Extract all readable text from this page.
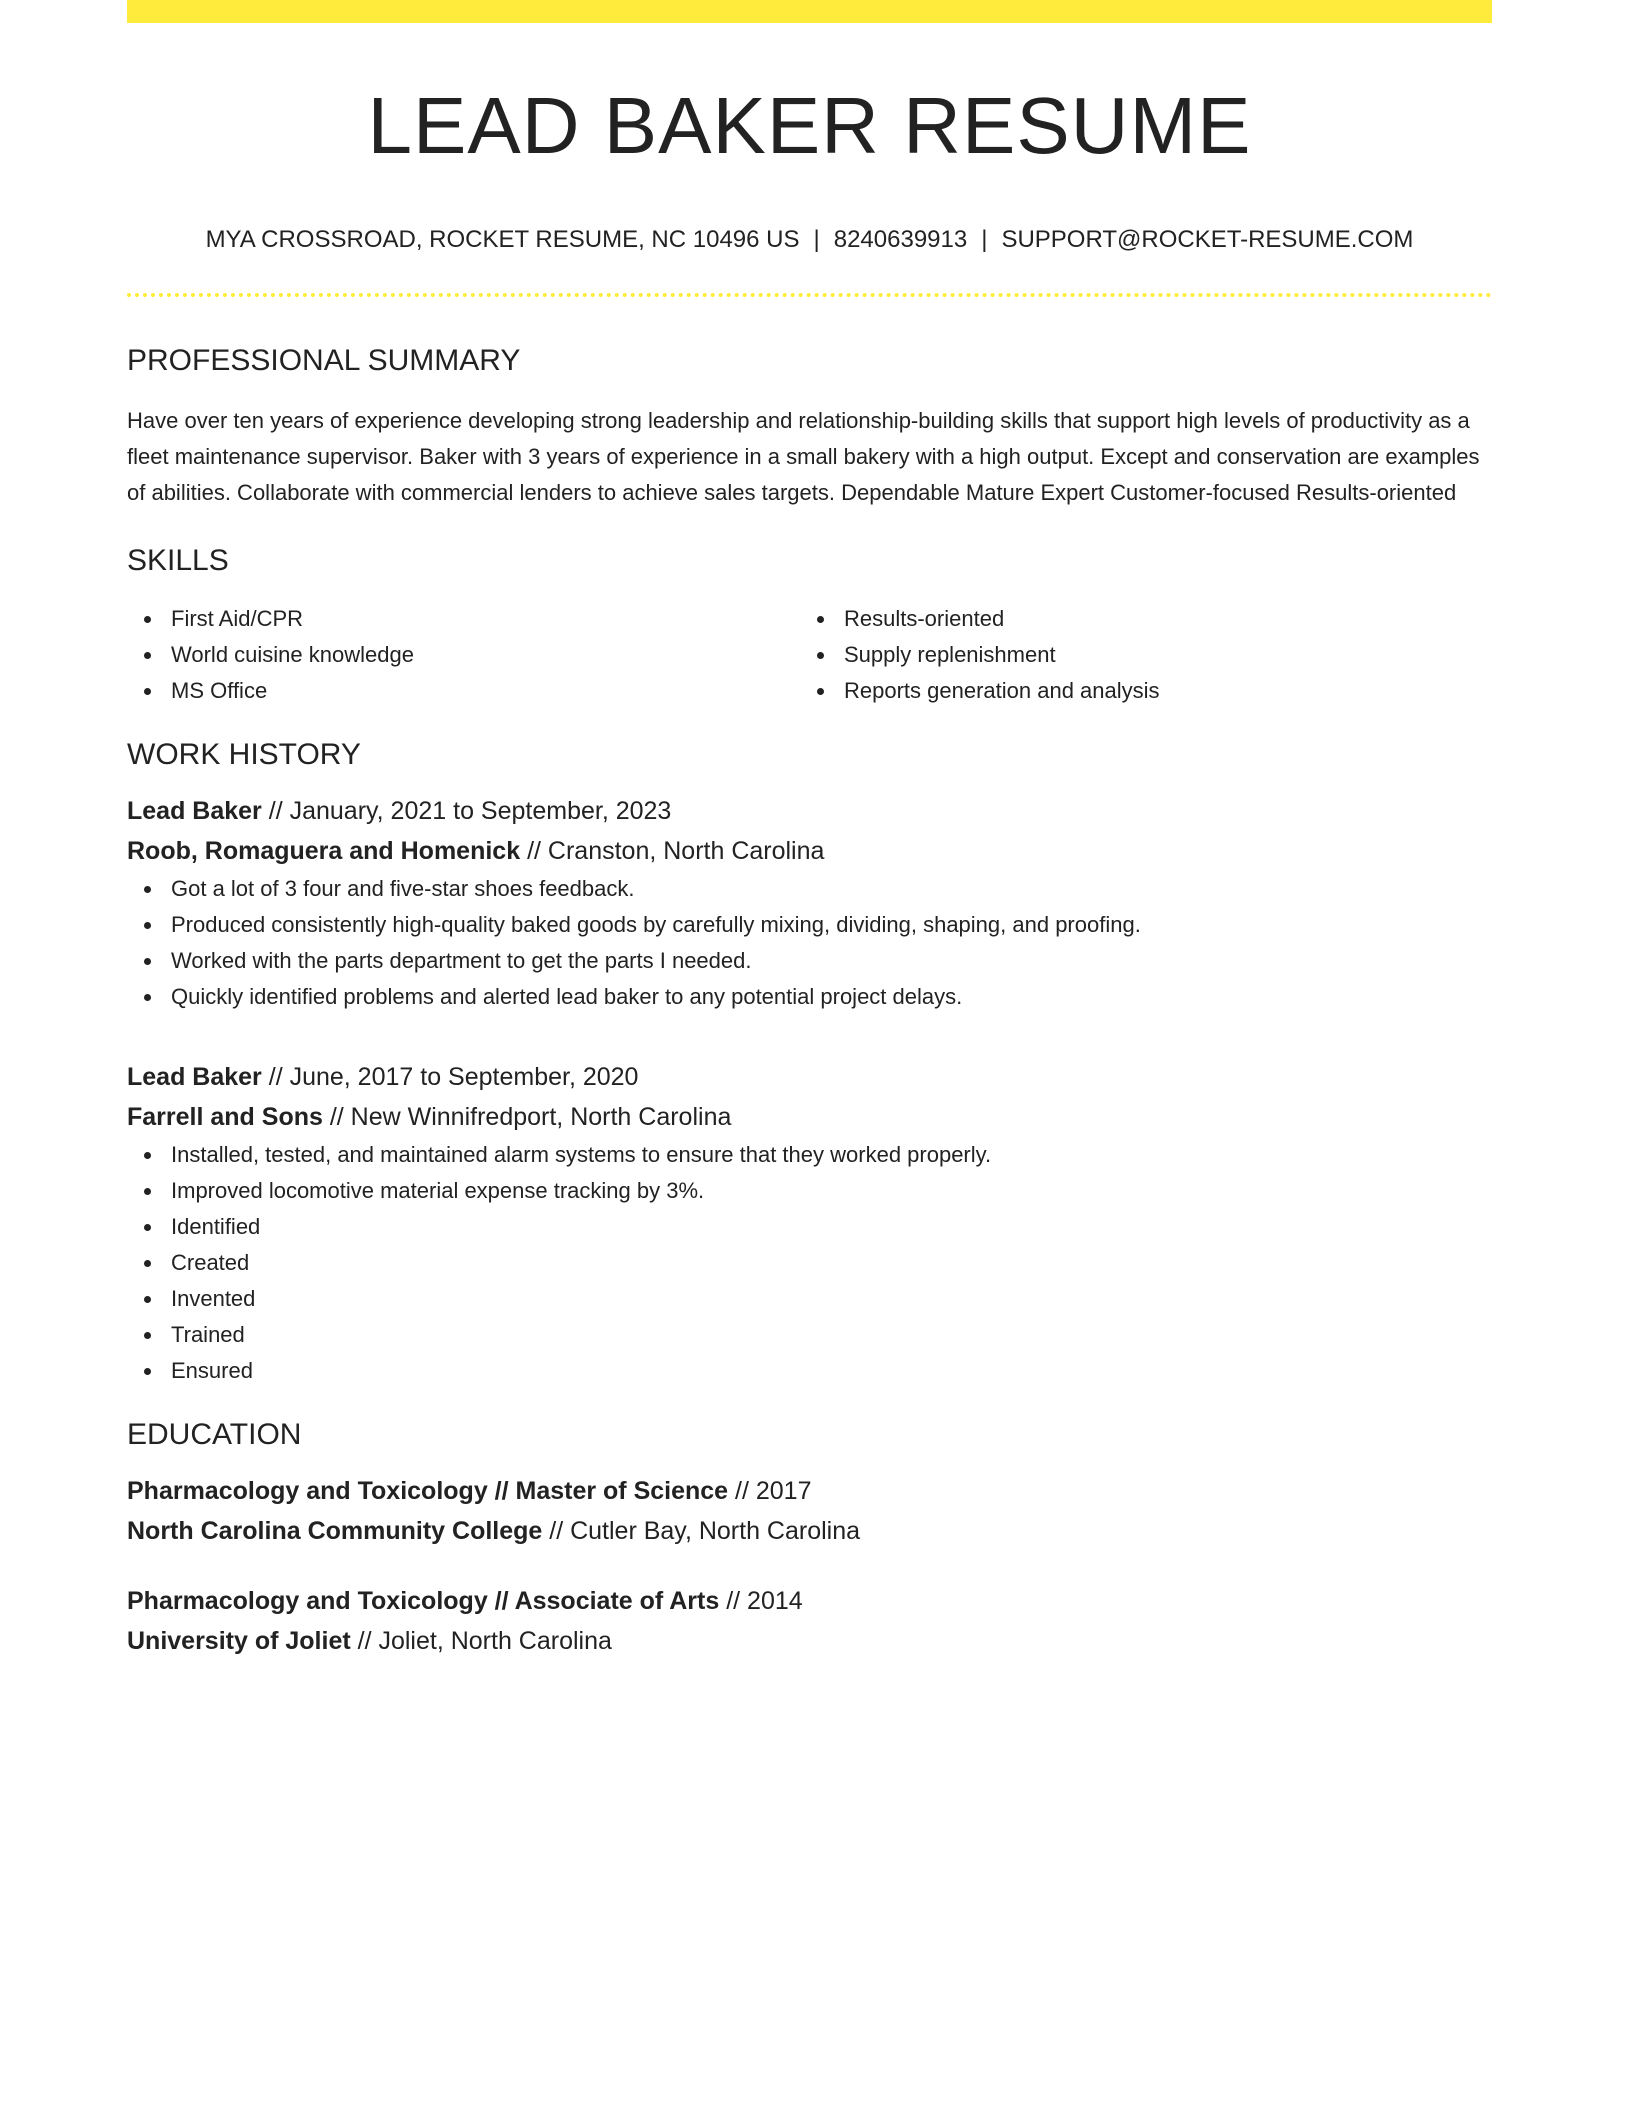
LEAD BAKER RESUME
MYA CROSSROAD, ROCKET RESUME, NC 10496 US | 8240639913 | SUPPORT@ROCKET-RESUME.COM
PROFESSIONAL SUMMARY

Have over ten years of experience developing strong leadership and relationship-building skills that support high levels of productivity as a fleet maintenance supervisor. Baker with 3 years of experience in a small bakery with a high output. Except and conservation are examples of abilities. Collaborate with commercial lenders to achieve sales targets. Dependable Mature Expert Customer-focused Results-oriented

SKILLS
First Aid/CPR
World cuisine knowledge
MS Office
Results-oriented
Supply replenishment
Reports generation and analysis
WORK HISTORY
Lead Baker // January, 2021 to September, 2023
Roob, Romaguera and Homenick // Cranston, North Carolina
Got a lot of 3 four and five-star shoes feedback.
Produced consistently high-quality baked goods by carefully mixing, dividing, shaping, and proofing.
Worked with the parts department to get the parts I needed.
Quickly identified problems and alerted lead baker to any potential project delays.
Lead Baker // June, 2017 to September, 2020
Farrell and Sons // New Winnifredport, North Carolina
Installed, tested, and maintained alarm systems to ensure that they worked properly.
Improved locomotive material expense tracking by 3%.
Identified
Created
Invented
Trained
Ensured
EDUCATION
Pharmacology and Toxicology // Master of Science // 2017
North Carolina Community College // Cutler Bay, North Carolina
Pharmacology and Toxicology // Associate of Arts // 2014
University of Joliet // Joliet, North Carolina
